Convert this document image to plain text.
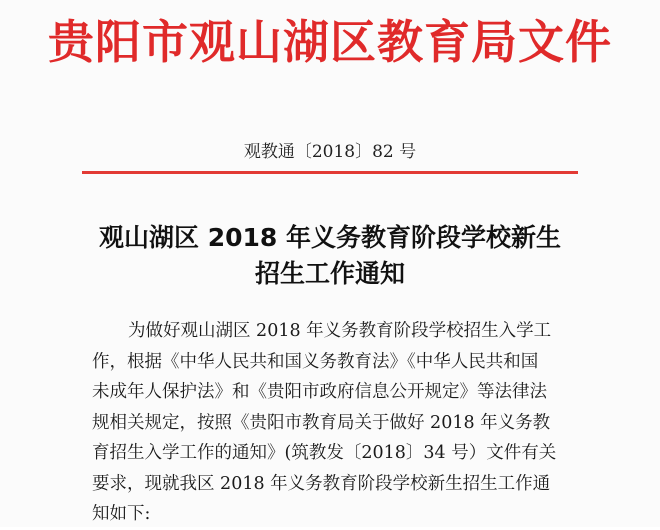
贵阳市观山湖区教育局文件
观教通〔2018〕82 号
观山湖区 2018 年义务教育阶段学校新生
招生工作通知
为做好观山湖区 2018 年义务教育阶段学校招生入学工
作，根据《中华人民共和国义务教育法》《中华人民共和国
未成年人保护法》和《贵阳市政府信息公开规定》等法律法
规相关规定，按照《贵阳市教育局关于做好 2018 年义务教
育招生入学工作的通知》(筑教发〔2018〕34 号）文件有关
要求，现就我区 2018 年义务教育阶段学校新生招生工作通
知如下:
